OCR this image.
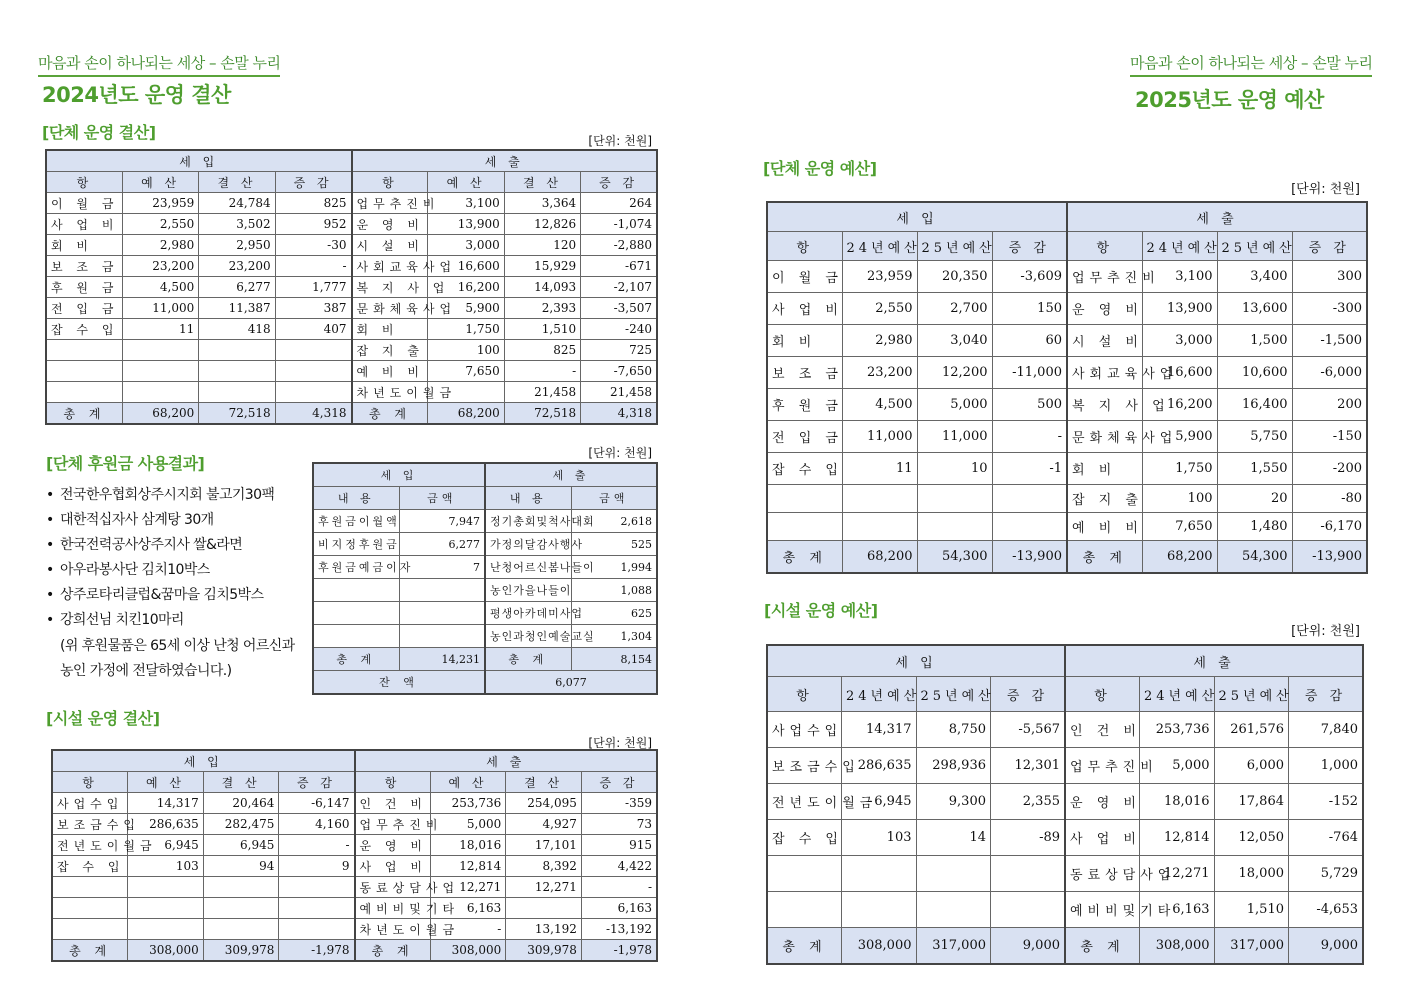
마음과 손이 하나되는 세상 – 손말 누리
2024년도 운영 결산
[단체 운영 결산]	[단위: 천원]
세 입				세 출			
항	예 산	결 산	증 감	항	예 산	결 산	증 감
이 월 금	23,959	24,784	825	업무추진비	3,100	3,364	264
사 업 비	2,550	3,502	952	운 영 비	13,900	12,826	-1,074
회 비	2,980	2,950	-30	시 설 비	3,000	120	-2,880
보 조 금	23,200	23,200	-	사회교육사업	16,600	15,929	-671
후 원 금	4,500	6,277	1,777	복 지 사 업	16,200	14,093	-2,107
전 입 금	11,000	11,387	387	문화체육사업	5,900	2,393	-3,507
잡 수 입	11	418	407	회 비	1,750	1,510	-240
				잡 지 출	100	825	725
				예 비 비	7,650	-	-7,650
				차년도이월금		21,458	21,458
총 계	68,200	72,518	4,318	총 계	68,200	72,518	4,318
[단체 후원금 사용결과]
[단위: 천원]
• 전국한우협회상주시지회 불고기30팩
• 대한적십자사 삼계탕 30개
• 한국전력공사상주지사 쌀&라면
• 아우라봉사단 김치10박스
• 상주로타리클럽&꿈마을 김치5박스
• 강희선님 치킨10마리
(위 후원물품은 65세 이상 난청 어르신과
농인 가정에 전달하였습니다.)
세 입		세 출	
내 용	금액	내 용	금액
후원금이월액	7,947	정기총회및척사대회	2,618
비지정후원금	6,277	가정의달감사행사	525
후원금예금이자	7	난청어르신봄나들이	1,994
		농인가을나들이	1,088
		평생아카데미사업	625
		농인과청인예술교실	1,304
총 계	14,231	총 계	8,154
잔 액		6,077	
[시설 운영 결산]
[단위: 천원]
세 입				세 출			
항	예 산	결 산	증 감	항	예 산	결 산	증 감
사업수입	14,317	20,464	-6,147	인 건 비	253,736	254,095	-359
보조금수입	286,635	282,475	4,160	업무추진비	5,000	4,927	73
전년도이월금	6,945	6,945	-	운 영 비	18,016	17,101	915
잡 수 입	103	94	9	사 업 비	12,814	8,392	4,422
				동료상담사업	12,271	12,271	-
				예비비및기타	6,163		6,163
				차년도이월금	-	13,192	-13,192
총 계	308,000	309,978	-1,978	총 계	308,000	309,978	-1,978
마음과 손이 하나되는 세상 – 손말 누리
2025년도 운영 예산
[단체 운영 예산]
[단위: 천원]
세 입				세 출			
항	24년예산	25년예산	증 감	항	24년예산	25년예산	증 감
이 월 금	23,959	20,350	-3,609	업무추진비	3,100	3,400	300
사 업 비	2,550	2,700	150	운 영 비	13,900	13,600	-300
회 비	2,980	3,040	60	시 설 비	3,000	1,500	-1,500
보 조 금	23,200	12,200	-11,000	사회교육사업	16,600	10,600	-6,000
후 원 금	4,500	5,000	500	복 지 사 업	16,200	16,400	200
전 입 금	11,000	11,000	-	문화체육사업	5,900	5,750	-150
잡 수 입	11	10	-1	회 비	1,750	1,550	-200
				잡 지 출	100	20	-80
				예 비 비	7,650	1,480	-6,170
총 계	68,200	54,300	-13,900	총 계	68,200	54,300	-13,900
[시설 운영 예산]
[단위: 천원]
세 입				세 출			
항	24년예산	25년예산	증 감	항	24년예산	25년예산	증 감
사업수입	14,317	8,750	-5,567	인 건 비	253,736	261,576	7,840
보조금수입	286,635	298,936	12,301	업무추진비	5,000	6,000	1,000
전년도이월금	6,945	9,300	2,355	운 영 비	18,016	17,864	-152
잡 수 입	103	14	-89	사 업 비	12,814	12,050	-764
				동료상담사업	12,271	18,000	5,729
				예비비및기타	6,163	1,510	-4,653
총 계	308,000	317,000	9,000	총 계	308,000	317,000	9,000
